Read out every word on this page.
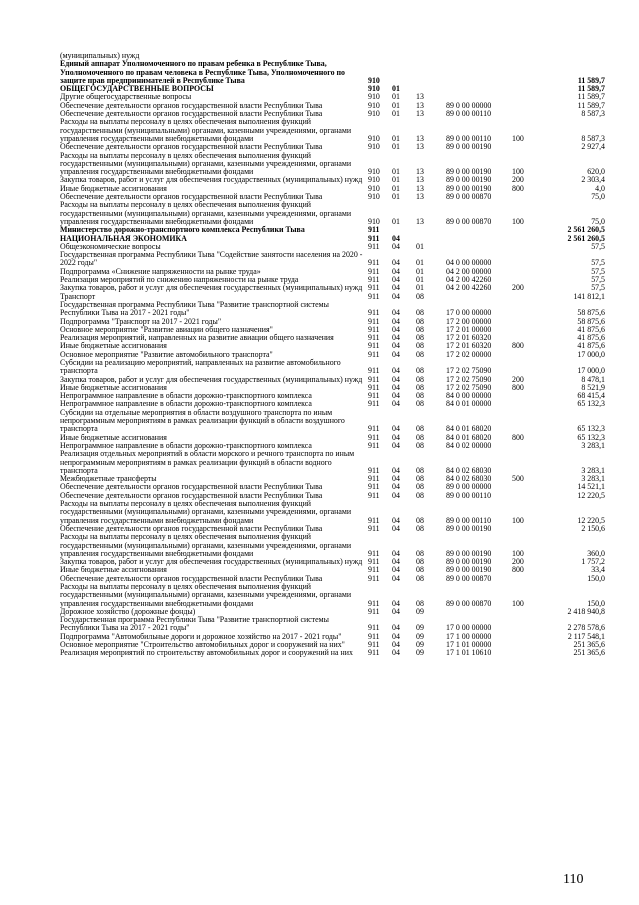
(муниципальных) нужд						
Единый аппарат Уполномоченного по правам ребенка в Республике Тыва, Уполномоченного по правам человека в Республике Тыва, Уполномоченного по защите прав предпринимателей в Республике Тыва	910					11 589,7
ОБЩЕГОСУДАРСТВЕННЫЕ ВОПРОСЫ	910	01				11 589,7
Другие общегосударственные вопросы	910	01	13			11 589,7
Обеспечение деятельности органов государственной власти Республики Тыва	910	01	13	89 0 00 00000		11 589,7
Обеспечение деятельности органов государственной власти Республики Тыва	910	01	13	89 0 00 00110		8 587,3
Расходы на выплаты персоналу в целях обеспечения выполнения функций государственными (муниципальными) органами, казенными учреждениями, органами управления государственными внебюджетными фондами	910	01	13	89 0 00 00110	100	8 587,3
Обеспечение деятельности органов государственной власти Республики Тыва	910	01	13	89 0 00 00190		2 927,4
Расходы на выплаты персоналу в целях обеспечения выполнения функций государственными (муниципальными) органами, казенными учреждениями, органами управления государственными внебюджетными фондами	910	01	13	89 0 00 00190	100	620,0
Закупка товаров, работ и услуг для обеспечения государственных (муниципальных) нужд	910	01	13	89 0 00 00190	200	2 303,4
Иные бюджетные ассигнования	910	01	13	89 0 00 00190	800	4,0
Обеспечение деятельности органов государственной власти Республики Тыва	910	01	13	89 0 00 00870		75,0
Расходы на выплаты персоналу в целях обеспечения выполнения функций государственными (муниципальными) органами, казенными учреждениями, органами управления государственными внебюджетными фондами	910	01	13	89 0 00 00870	100	75,0
Министерство дорожно-транспортного комплекса Республики Тыва	911					2 561 260,5
НАЦИОНАЛЬНАЯ ЭКОНОМИКА	911	04				2 561 260,5
Общеэкономические вопросы	911	04	01			57,5
Государственная программа Республики Тыва "Содействие занятости населения на 2020 - 2022 годы"	911	04	01	04 0 00 00000		57,5
Подпрограмма «Снижение напряженности на рынке труда»	911	04	01	04 2 00 00000		57,5
Реализация мероприятий по снижению напряженности на рынке труда	911	04	01	04 2 00 42260		57,5
Закупка товаров, работ и услуг для обеспечения государственных (муниципальных) нужд	911	04	01	04 2 00 42260	200	57,5
Транспорт	911	04	08			141 812,1
Государственная программа Республики Тыва "Развитие транспортной системы Республики Тыва на 2017 - 2021 годы"	911	04	08	17 0 00 00000		58 875,6
Подпрограмма "Транспорт на 2017 - 2021 годы"	911	04	08	17 2 00 00000		58 875,6
Основное мероприятие "Развитие авиации общего назначения"	911	04	08	17 2 01 00000		41 875,6
Реализация мероприятий, направленных на развитие авиации общего назначения	911	04	08	17 2 01 60320		41 875,6
Иные бюджетные ассигнования	911	04	08	17 2 01 60320	800	41 875,6
Основное мероприятие "Развитие автомобильного транспорта"	911	04	08	17 2 02 00000		17 000,0
Субсидии на реализацию мероприятий, направленных на развитие автомобильного транспорта	911	04	08	17 2 02 75090		17 000,0
Закупка товаров, работ и услуг для обеспечения государственных (муниципальных) нужд	911	04	08	17 2 02 75090	200	8 478,1
Иные бюджетные ассигнования	911	04	08	17 2 02 75090	800	8 521,9
Непрограммное направление в области дорожно-транспортного комплекса	911	04	08	84 0 00 00000		68 415,4
Непрограммное направление в области дорожно-транспортного комплекса	911	04	08	84 0 01 00000		65 132,3
Субсидии на отдельные мероприятия в области воздушного транспорта по иным непрограммным мероприятиям в рамках реализации функций в области воздушного транспорта	911	04	08	84 0 01 68020		65 132,3
Иные бюджетные ассигнования	911	04	08	84 0 01 68020	800	65 132,3
Непрограммное направление в области дорожно-транспортного комплекса	911	04	08	84 0 02 00000		3 283,1
Реализация отдельных мероприятий в области морского и речного транспорта по иным непрограммным мероприятиям в рамках реализации функций в области водного транспорта	911	04	08	84 0 02 68030		3 283,1
Межбюджетные трансферты	911	04	08	84 0 02 68030	500	3 283,1
Обеспечение деятельности органов государственной власти Республики Тыва	911	04	08	89 0 00 00000		14 521,1
Обеспечение деятельности органов государственной власти Республики Тыва	911	04	08	89 0 00 00110		12 220,5
Расходы на выплаты персоналу в целях обеспечения выполнения функций государственными (муниципальными) органами, казенными учреждениями, органами управления государственными внебюджетными фондами	911	04	08	89 0 00 00110	100	12 220,5
Обеспечение деятельности органов государственной власти Республики Тыва	911	04	08	89 0 00 00190		2 150,6
Расходы на выплаты персоналу в целях обеспечения выполнения функций государственными (муниципальными) органами, казенными учреждениями, органами управления государственными внебюджетными фондами	911	04	08	89 0 00 00190	100	360,0
Закупка товаров, работ и услуг для обеспечения государственных (муниципальных) нужд	911	04	08	89 0 00 00190	200	1 757,2
Иные бюджетные ассигнования	911	04	08	89 0 00 00190	800	33,4
Обеспечение деятельности органов государственной власти Республики Тыва	911	04	08	89 0 00 00870		150,0
Расходы на выплаты персоналу в целях обеспечения выполнения функций государственными (муниципальными) органами, казенными учреждениями, органами управления государственными внебюджетными фондами	911	04	08	89 0 00 00870	100	150,0
Дорожное хозяйство (дорожные фонды)	911	04	09			2 418 940,8
Государственная программа Республики Тыва "Развитие транспортной системы Республики Тыва на 2017 - 2021 годы"	911	04	09	17 0 00 00000		2 278 578,6
Подпрограмма "Автомобильные дороги и дорожное хозяйство на 2017 - 2021 годы"	911	04	09	17 1 00 00000		2 117 548,1
Основное мероприятие "Строительство автомобильных дорог и сооружений на них"	911	04	09	17 1 01 00000		251 365,6
Реализация мероприятий по строительству автомобильных дорог и сооружений на них	911	04	09	17 1 01 10610		251 365,6
110
